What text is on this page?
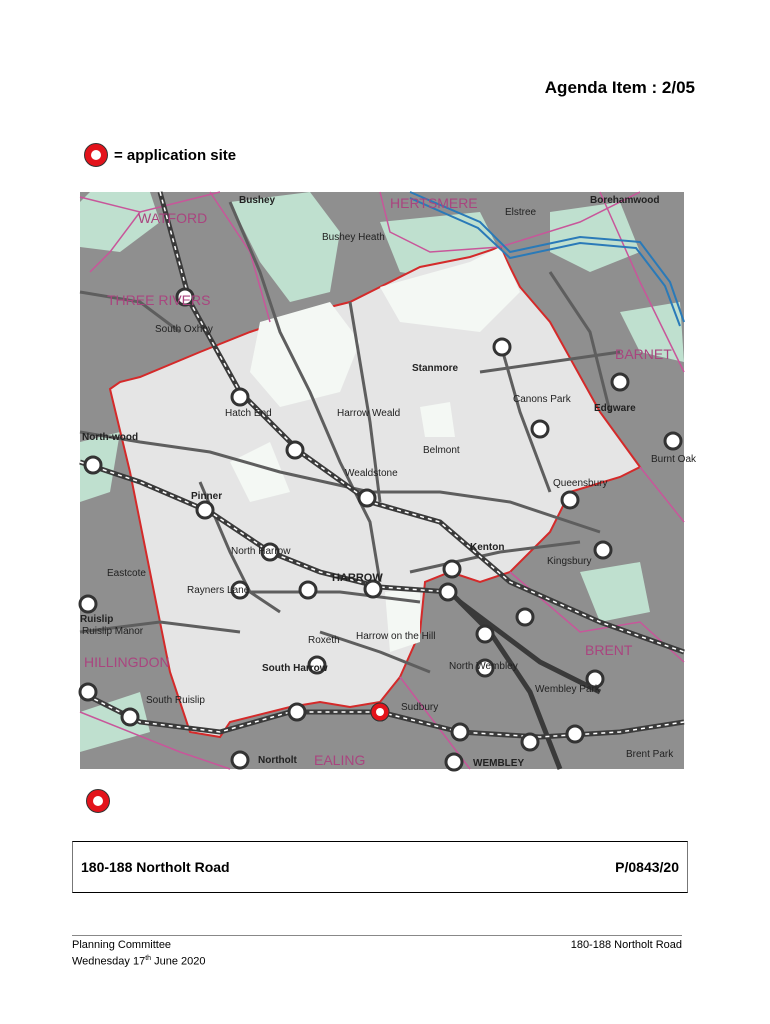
Agenda Item : 2/05
= application site
WATFORD
HERTSMERE
THREE RIVERS
BARNET
HILLINGDON
BRENT
EALING
Bushey
Bushey Heath
Elstree
Borehamwood
South Oxhey
Stanmore
Canons Park
Edgware
Hatch End	Harrow Weald
Belmont
North-wood
Burnt Oak
Wealdstone
Queensbury
Pinner
Kenton
North Harrow
Kingsbury
Eastcote	HARROW
Rayners Lane
Ruislip
Ruislip Manor
Roxeth Harrow on the Hill
South Harrow	North Wembley
Wembley Park
South Ruislip
Sudbury
Brent Park
Northolt	WEMBLEY
180-188 Northolt Road	P/0843/20
Planning Committee
Wednesday 17th June 2020
180-188 Northolt Road
